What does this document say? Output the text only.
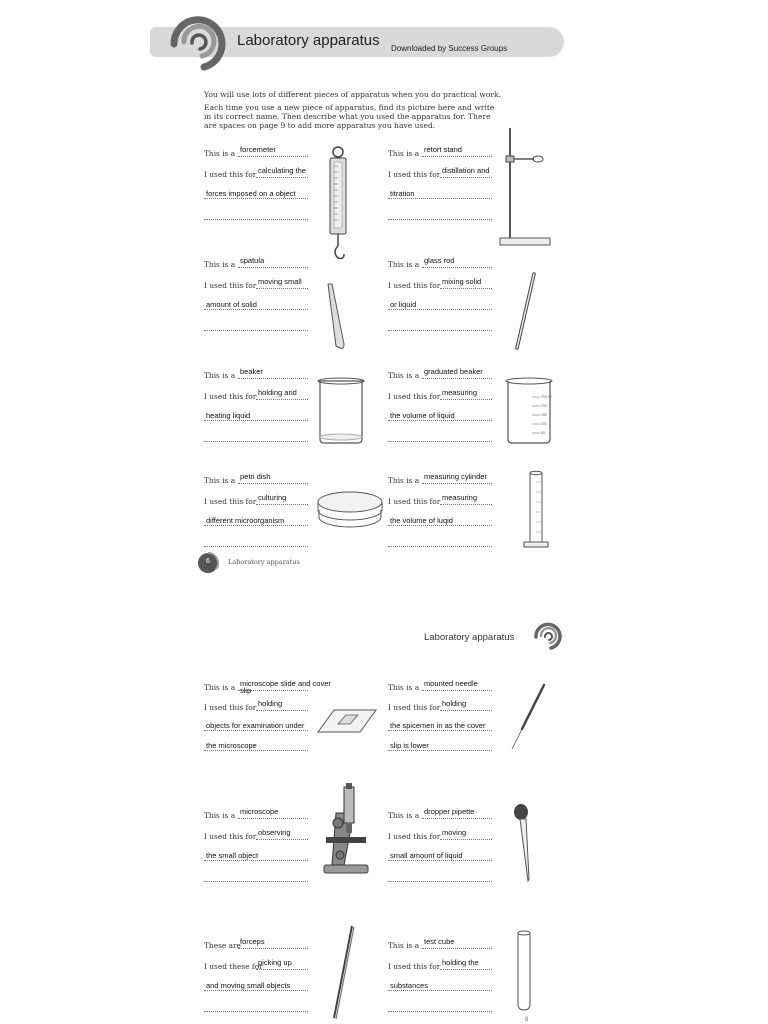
Laboratory apparatus Downloaded by Success Groups
You will use lots of different pieces of apparatus when you do practical work.
Each time you use a new piece of apparatus, find its picture here and write in its correct name. Then describe what you used the apparatus for. There are spaces on page 9 to add more apparatus you have used.
This is a forcemeter
I used this for calculating the
forces imposed on a object
This is a retort stand
I used this for distillation and
titration
This is a spatula
I used this for moving small
amount of solid
This is a glass rod
I used this for mixing solid
or liquid
This is a beaker
I used this for holding and
heating liquid
This is a graduated beaker
I used this for measuring
the volume of liquid
This is a petri dish
I used this for culturing
different microorganism
This is a measuring cylinder
I used this for measuring
the volume of luqid
This is a microscope slide and cover slip
I used this for holding
objects for examination under
the microscope
This is a mounted needle
I used this for holding
the spicemen in as the cover
slip is lower
This is a microscope
I used this for observing
the small object
This is a dropper pipette
I used this for moving
small amount of liquid
These are forceps
I used these for
picking up
and moving small objects
This is a test cube
I used this for holding the
substances
250 ml
200
150
100
50
6	Laboratory apparatus
Laboratory apparatus
8
